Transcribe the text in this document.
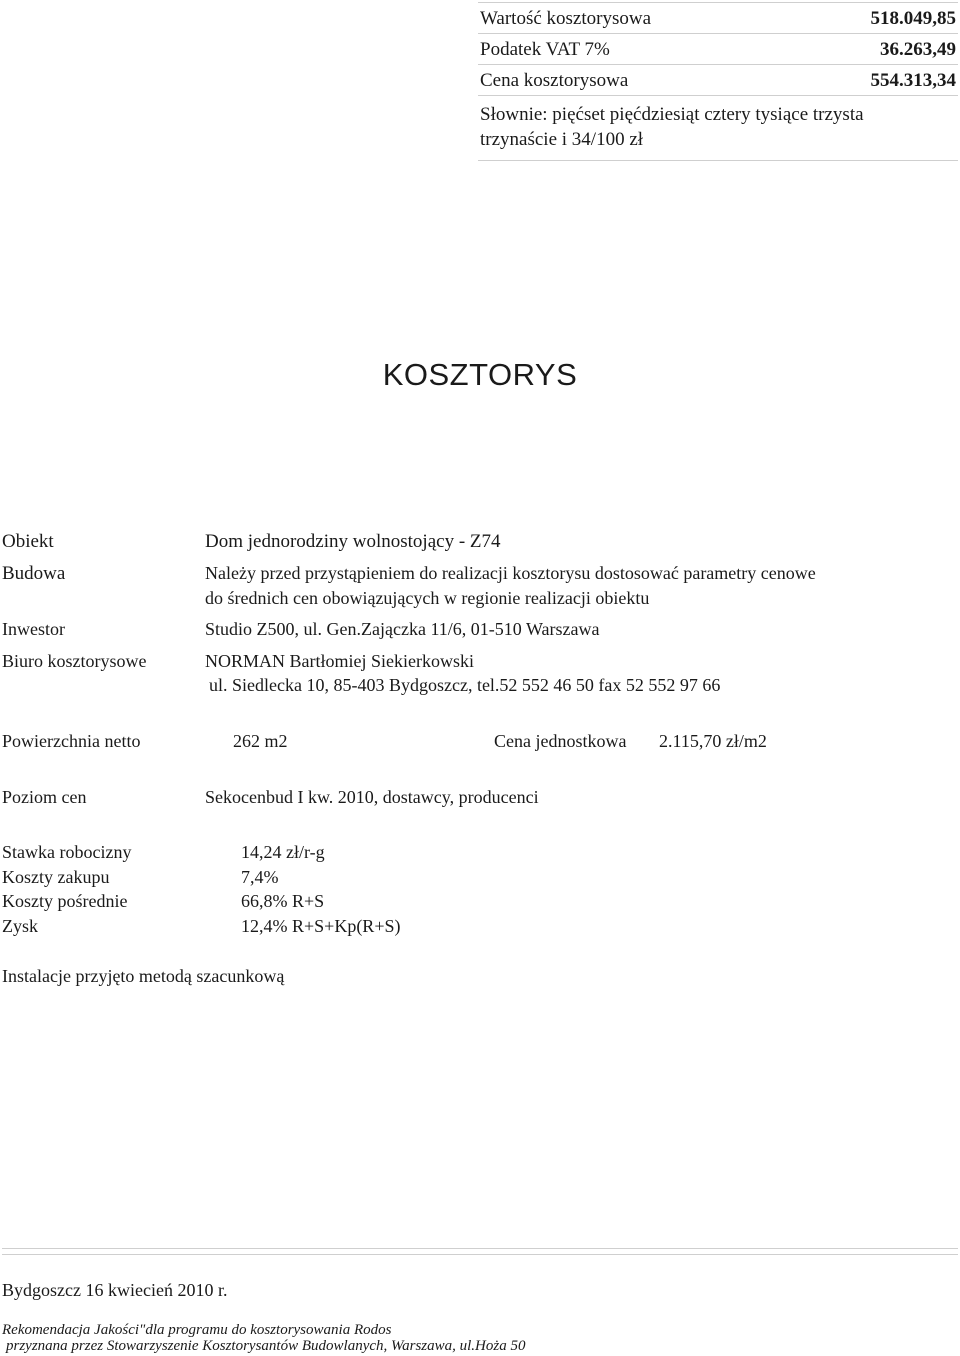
Wartość kosztorysowa	518.049,85
Podatek VAT 7%	36.263,49
Cena kosztorysowa	554.313,34
Słownie: pięćset pięćdziesiąt cztery tysiące trzysta
trzynaście i 34/100 zł
KOSZTORYS
Obiekt	Dom jednorodziny wolnostojący - Z74
Budowa	Należy przed przystąpieniem do realizacji kosztorysu dostosować parametry cenowe
do średnich cen obowiązujących w regionie realizacji obiektu
Inwestor	Studio Z500, ul. Gen.Zajączka 11/6, 01-510 Warszawa
Biuro kosztorysowe	NORMAN Bartłomiej Siekierkowski
ul. Siedlecka 10, 85-403 Bydgoszcz, tel.52 552 46 50 fax 52 552 97 66
Powierzchnia netto	262 m2	Cena jednostkowa 2.115,70 zł/m2
Poziom cen	Sekocenbud I kw. 2010, dostawcy, producenci
Stawka robocizny	14,24 zł/r-g
Koszty zakupu	7,4%
Koszty pośrednie	66,8% R+S
Zysk	12,4% R+S+Kp(R+S)
Instalacje przyjęto metodą szacunkową
Bydgoszcz 16 kwiecień 2010 r.
Rekomendacja Jakości"dla programu do kosztorysowania Rodos
przyznana przez Stowarzyszenie Kosztorysantów Budowlanych, Warszawa, ul.Hoża 50
